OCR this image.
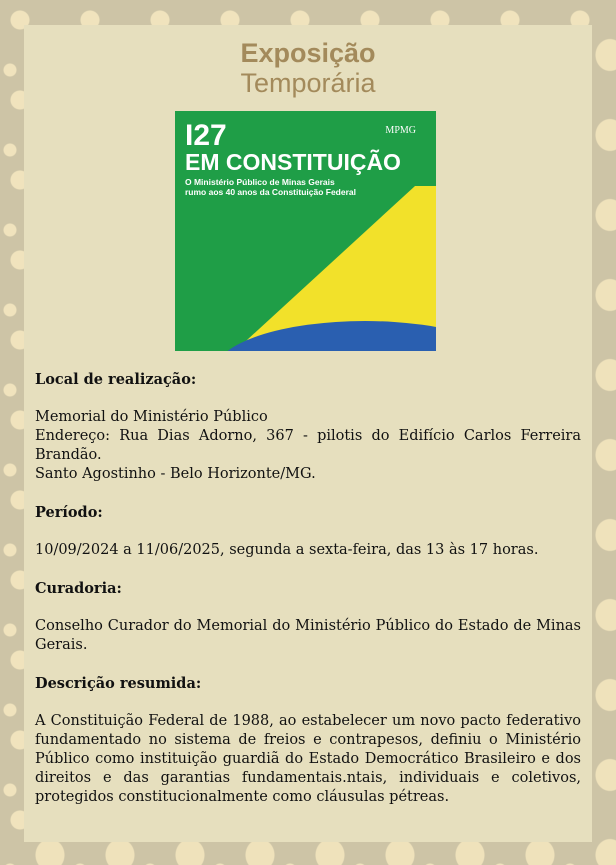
Exposição
Temporária
MPMG
I27
EM CONSTITUIÇÃO
O Ministério Público de Minas Gerais
rumo aos 40 anos da Constituição Federal
Local de realização:

Memorial do Ministério Público
Endereço: Rua Dias Adorno, 367 - pilotis do Edifício Carlos Ferreira Brandão.
Santo Agostinho - Belo Horizonte/MG.

Período:

10/09/2024 a 11/06/2025, segunda a sexta-feira, das 13 às 17 horas.

Curadoria:

Conselho Curador do Memorial do Ministério Público do Estado de Minas Gerais.

Descrição resumida:

A Constituição Federal de 1988, ao estabelecer um novo pacto federativo fundamentado no sistema de freios e contrapesos, definiu o Ministério Público como instituição guardiã do Estado Democrático Brasileiro e dos direitos e das garantias fundamentais.ntais, individuais e coletivos, protegidos constitucionalmente como cláusulas pétreas.
